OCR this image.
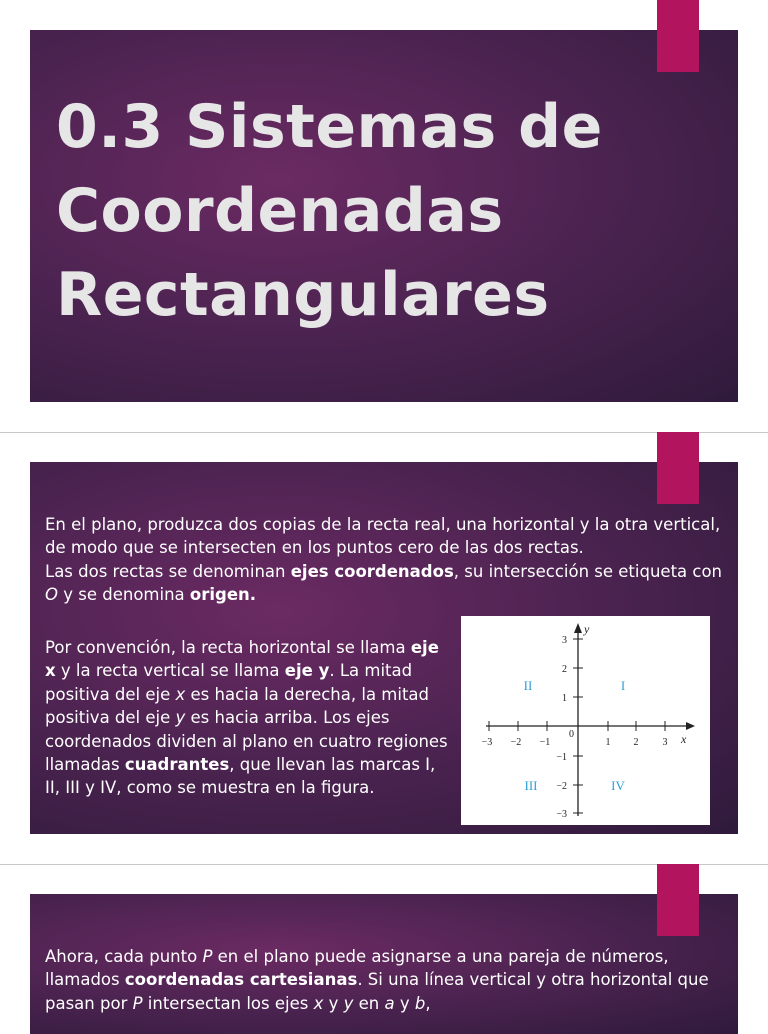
0.3 Sistemas de
Coordenadas
Rectangulares
En el plano, produzca dos copias de la recta real, una horizontal y la otra vertical, de modo que se intersecten en los puntos cero de las dos rectas.
Las dos rectas se denominan ejes coordenados, su intersección se etiqueta con O y se denomina origen.
Por convención, la recta horizontal se llama eje x y la recta vertical se llama eje y. La mitad positiva del eje x es hacia la derecha, la mitad positiva del eje y es hacia arriba. Los ejes coordenados dividen al plano en cuatro regiones llamadas cuadrantes, que llevan las marcas I, II, III y IV, como se muestra en la figura.
−3 −2 −1	1 2 3
3
2
1
−1
−2
−3
0	x
y
I
II
III	IV
Ahora, cada punto P en el plano puede asignarse a una pareja de números, llamados coordenadas cartesianas. Si una línea vertical y otra horizontal que pasan por P intersectan los ejes x y y en a y b,
